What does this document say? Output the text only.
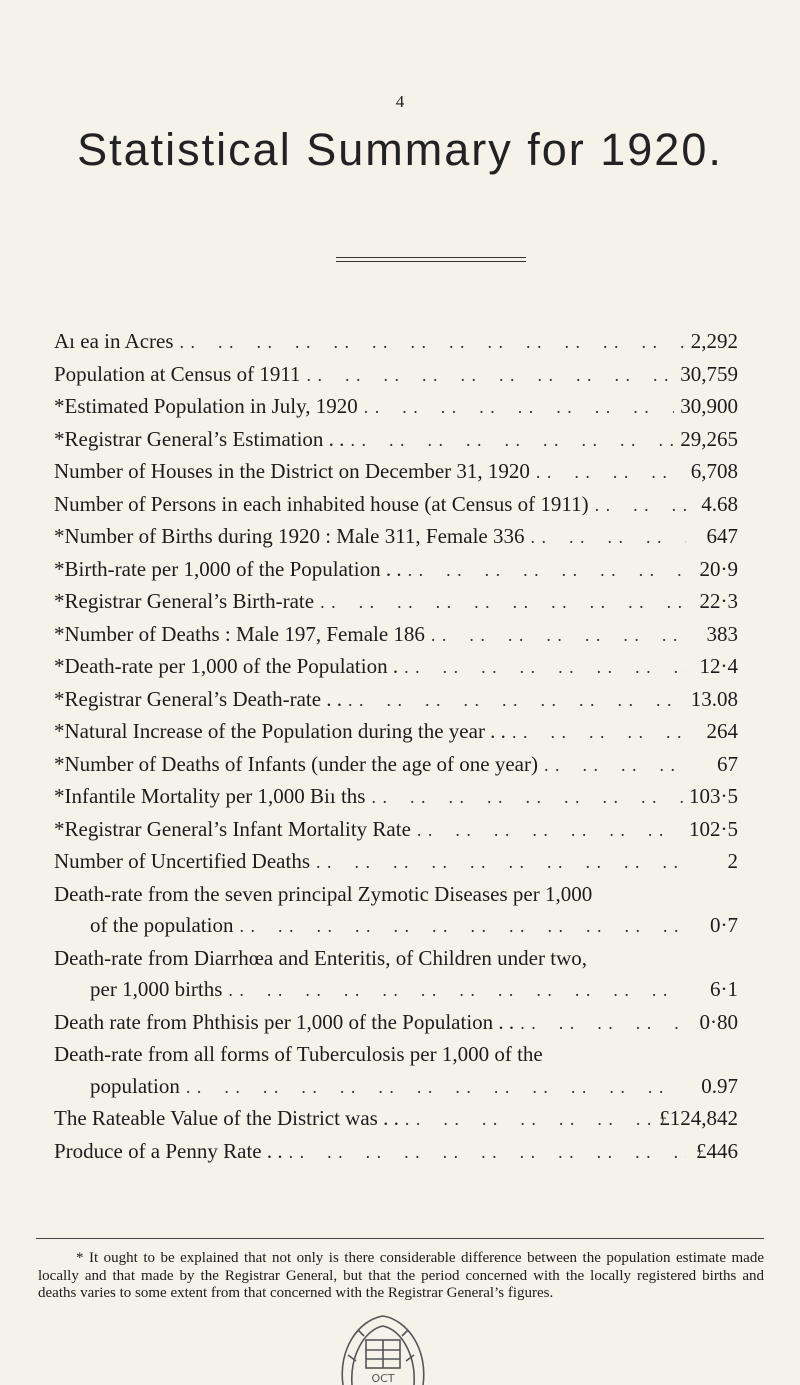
4
Statistical Summary for 1920.
Aı ea in Acres . .	2,292
Population at Census of 1911 . .	30,759
*Estimated Population in July, 1920 . .	30,900
*Registrar General’s Estimation . . . .	29,265
Number of Houses in the District on December 31, 1920 . .	6,708
Number of Persons in each inhabited house (at Census of 1911) . .	4.68
*Number of Births during 1920 : Male 311, Female 336 . .	647
*Birth-rate per 1,000 of the Population . . . .	20·9
*Registrar General’s Birth-rate . .	22·3
*Number of Deaths : Male 197, Female 186 . .	383
*Death-rate per 1,000 of the Population . . .	12·4
*Registrar General’s Death-rate . . . .	13.08
*Natural Increase of the Population during the year . . . .	264
*Number of Deaths of Infants (under the age of one year) . .	67
*Infantile Mortality per 1,000 Biı ths . .	103·5
*Registrar General’s Infant Mortality Rate . .	102·5
Number of Uncertified Deaths . .	2
Death-rate from the seven principal Zymotic Diseases per 1,000
of the population . .	0·7
Death-rate from Diarrhœa and Enteritis, of Children under two,
per 1,000 births . .	6·1
Death rate from Phthisis per 1,000 of the Population . . . .	0·80
Death-rate from all forms of Tuberculosis per 1,000 of the
population . .	0.97
The Rateable Value of the District was . . . .	£124,842
Produce of a Penny Rate . . . .	£446
* It ought to be explained that not only is there considerable difference between the population estimate made locally and that made by the Registrar General, but that the period concerned with the locally registered births and deaths varies to some extent from that concerned with the Registrar General’s figures.
OCT
